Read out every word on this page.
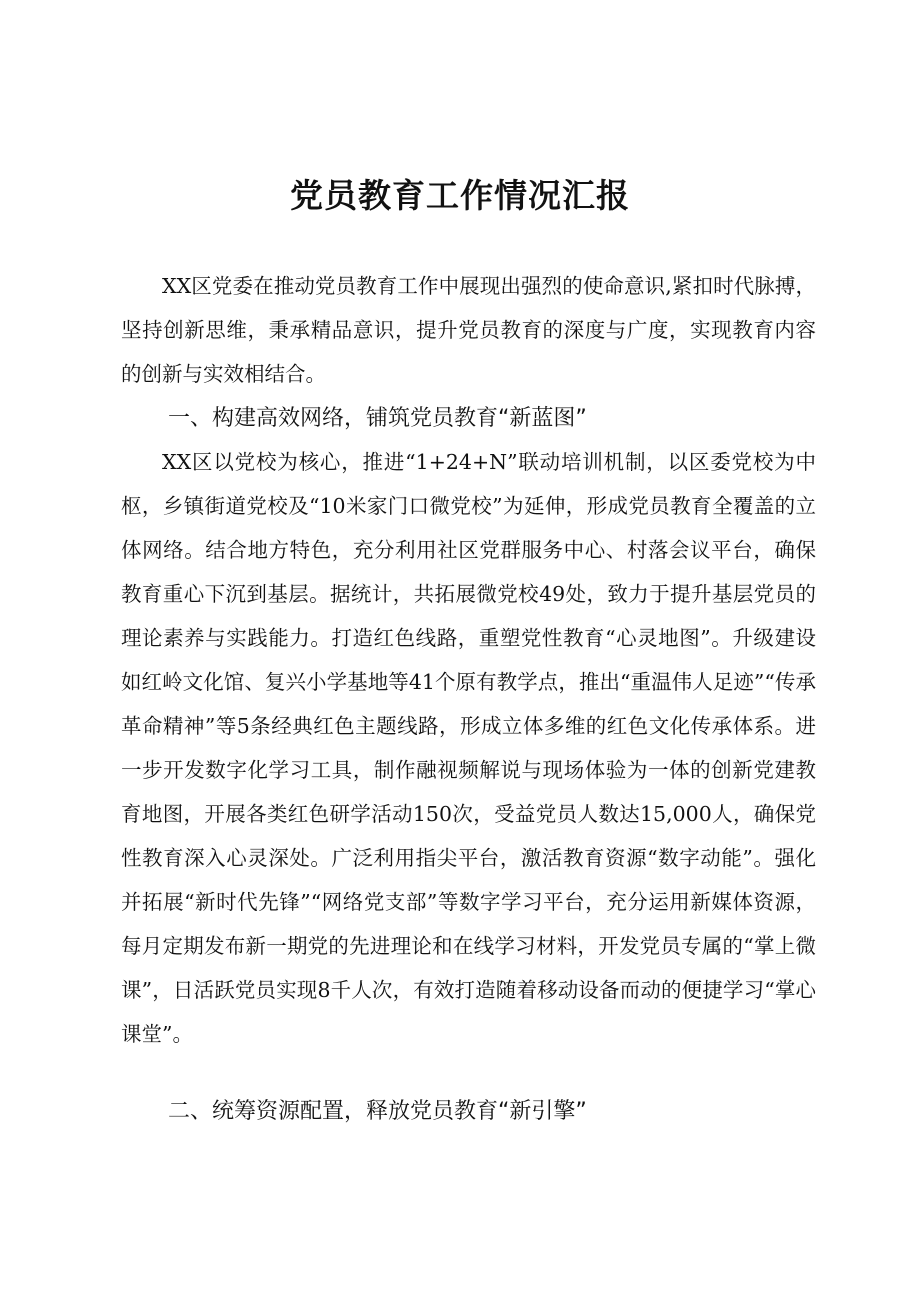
党员教育工作情况汇报

XX区党委在推动党员教育工作中展现出强烈的使命意识,紧扣时代脉搏，坚持创新思维，秉承精品意识，提升党员教育的深度与广度，实现教育内容的创新与实效相结合。

一、构建高效网络，铺筑党员教育“新蓝图”

XX区以党校为核心，推进“1+24+N”联动培训机制，以区委党校为中枢，乡镇街道党校及“10米家门口微党校”为延伸，形成党员教育全覆盖的立体网络。结合地方特色，充分利用社区党群服务中心、村落会议平台，确保教育重心下沉到基层。据统计，共拓展微党校49处，致力于提升基层党员的理论素养与实践能力。打造红色线路，重塑党性教育“心灵地图”。升级建设如红岭文化馆、复兴小学基地等41个原有教学点，推出“重温伟人足迹”“传承革命精神”等5条经典红色主题线路，形成立体多维的红色文化传承体系。进一步开发数字化学习工具，制作融视频解说与现场体验为一体的创新党建教育地图，开展各类红色研学活动150次，受益党员人数达15,000人，确保党性教育深入心灵深处。广泛利用指尖平台，激活教育资源“数字动能”。强化并拓展“新时代先锋”“网络党支部”等数字学习平台，充分运用新媒体资源，每月定期发布新一期党的先进理论和在线学习材料，开发党员专属的“掌上微课”，日活跃党员实现8千人次，有效打造随着移动设备而动的便捷学习“掌心课堂”。

二、统筹资源配置，释放党员教育“新引擎”
